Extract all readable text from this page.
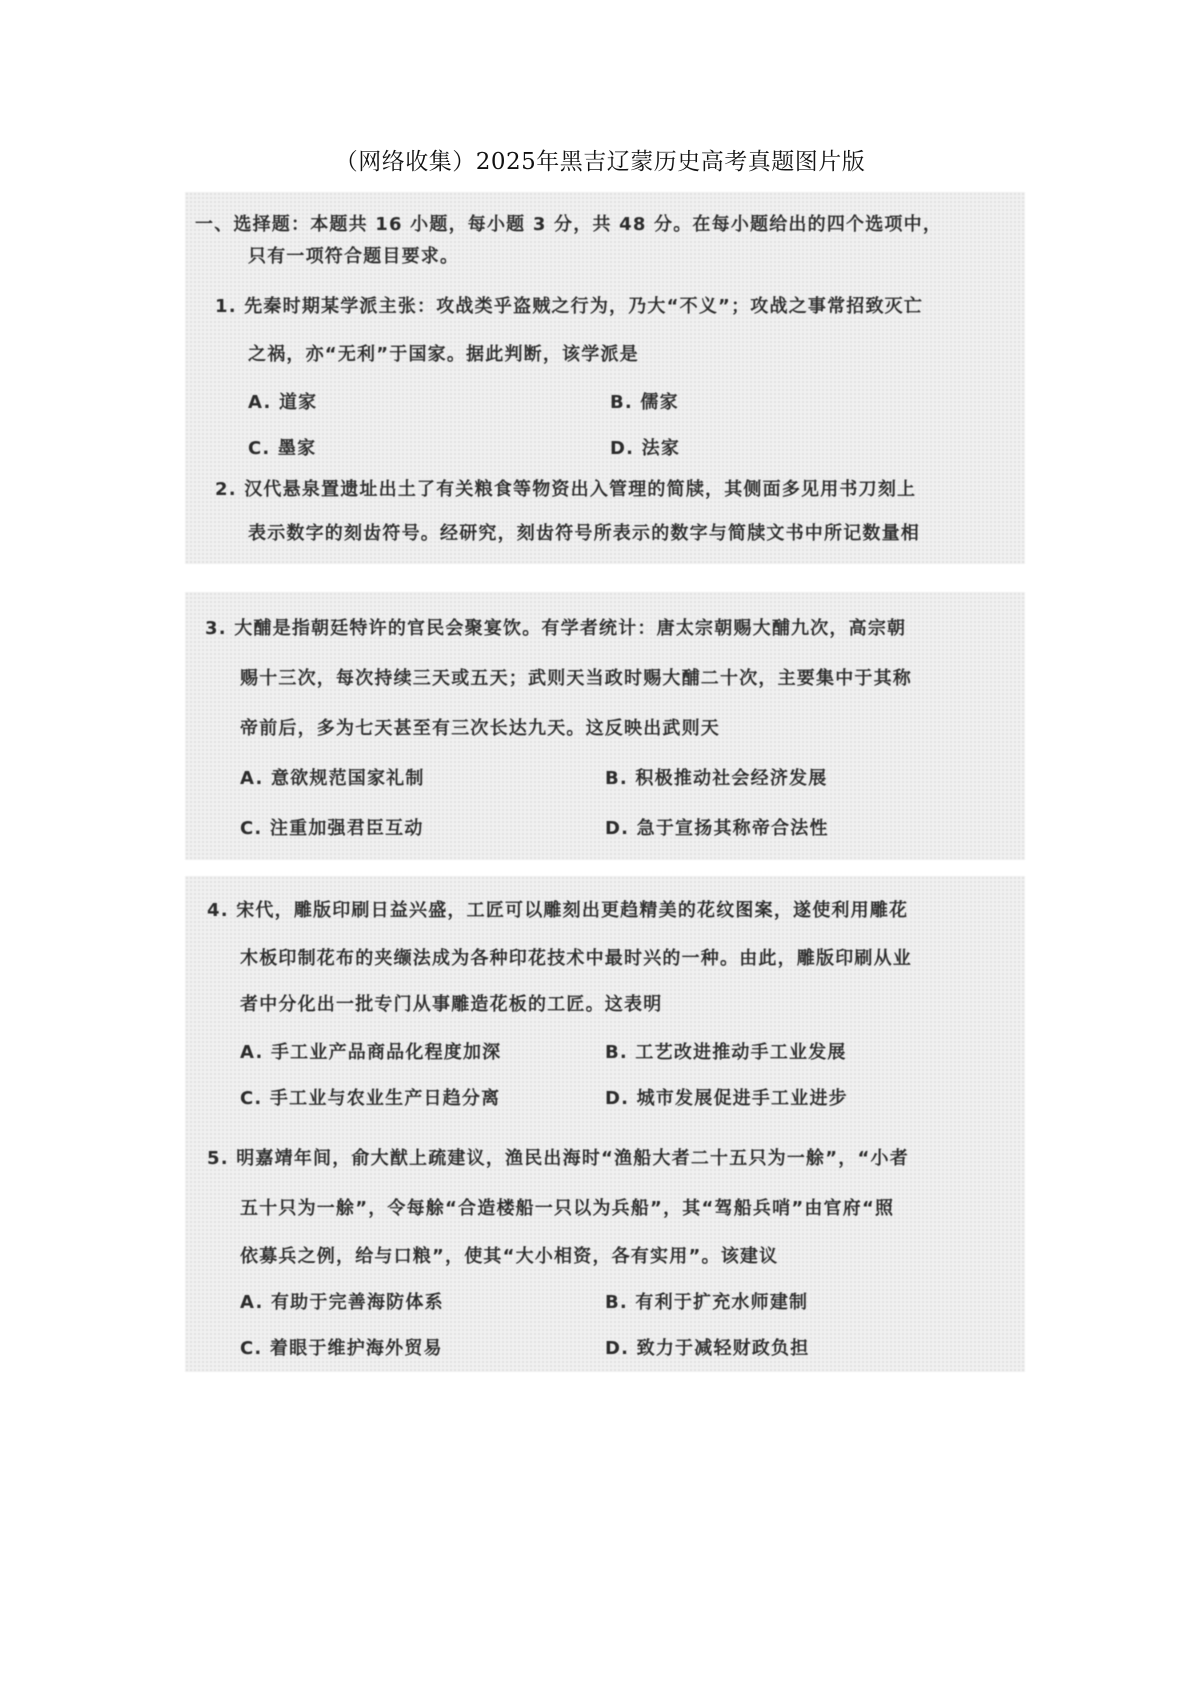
（网络收集）2025年黑吉辽蒙历史高考真题图片版
一、选择题：本题共 16 小题，每小题 3 分，共 48 分。在每小题给出的四个选项中，
只有一项符合题目要求。
1. 先秦时期某学派主张：攻战类乎盗贼之行为，乃大“不义”；攻战之事常招致灭亡
之祸，亦“无利”于国家。据此判断，该学派是
A. 道家	B. 儒家
C. 墨家	D. 法家
2. 汉代悬泉置遗址出土了有关粮食等物资出入管理的简牍，其侧面多见用书刀刻上
表示数字的刻齿符号。经研究，刻齿符号所表示的数字与简牍文书中所记数量相
3. 大酺是指朝廷特许的官民会聚宴饮。有学者统计：唐太宗朝赐大酺九次，高宗朝
赐十三次，每次持续三天或五天；武则天当政时赐大酺二十次，主要集中于其称
帝前后，多为七天甚至有三次长达九天。这反映出武则天
A. 意欲规范国家礼制	B. 积极推动社会经济发展
C. 注重加强君臣互动	D. 急于宣扬其称帝合法性
4. 宋代，雕版印刷日益兴盛，工匠可以雕刻出更趋精美的花纹图案，遂使利用雕花
木板印制花布的夹缬法成为各种印花技术中最时兴的一种。由此，雕版印刷从业
者中分化出一批专门从事雕造花板的工匠。这表明
A. 手工业产品商品化程度加深	B. 工艺改进推动手工业发展
C. 手工业与农业生产日趋分离	D. 城市发展促进手工业进步
5. 明嘉靖年间，俞大猷上疏建议，渔民出海时“渔船大者二十五只为一艅”，“小者
五十只为一艅”，令每艅“合造楼船一只以为兵船”，其“驾船兵哨”由官府“照
依募兵之例，给与口粮”，使其“大小相资，各有实用”。该建议
A. 有助于完善海防体系	B. 有利于扩充水师建制
C. 着眼于维护海外贸易	D. 致力于减轻财政负担
